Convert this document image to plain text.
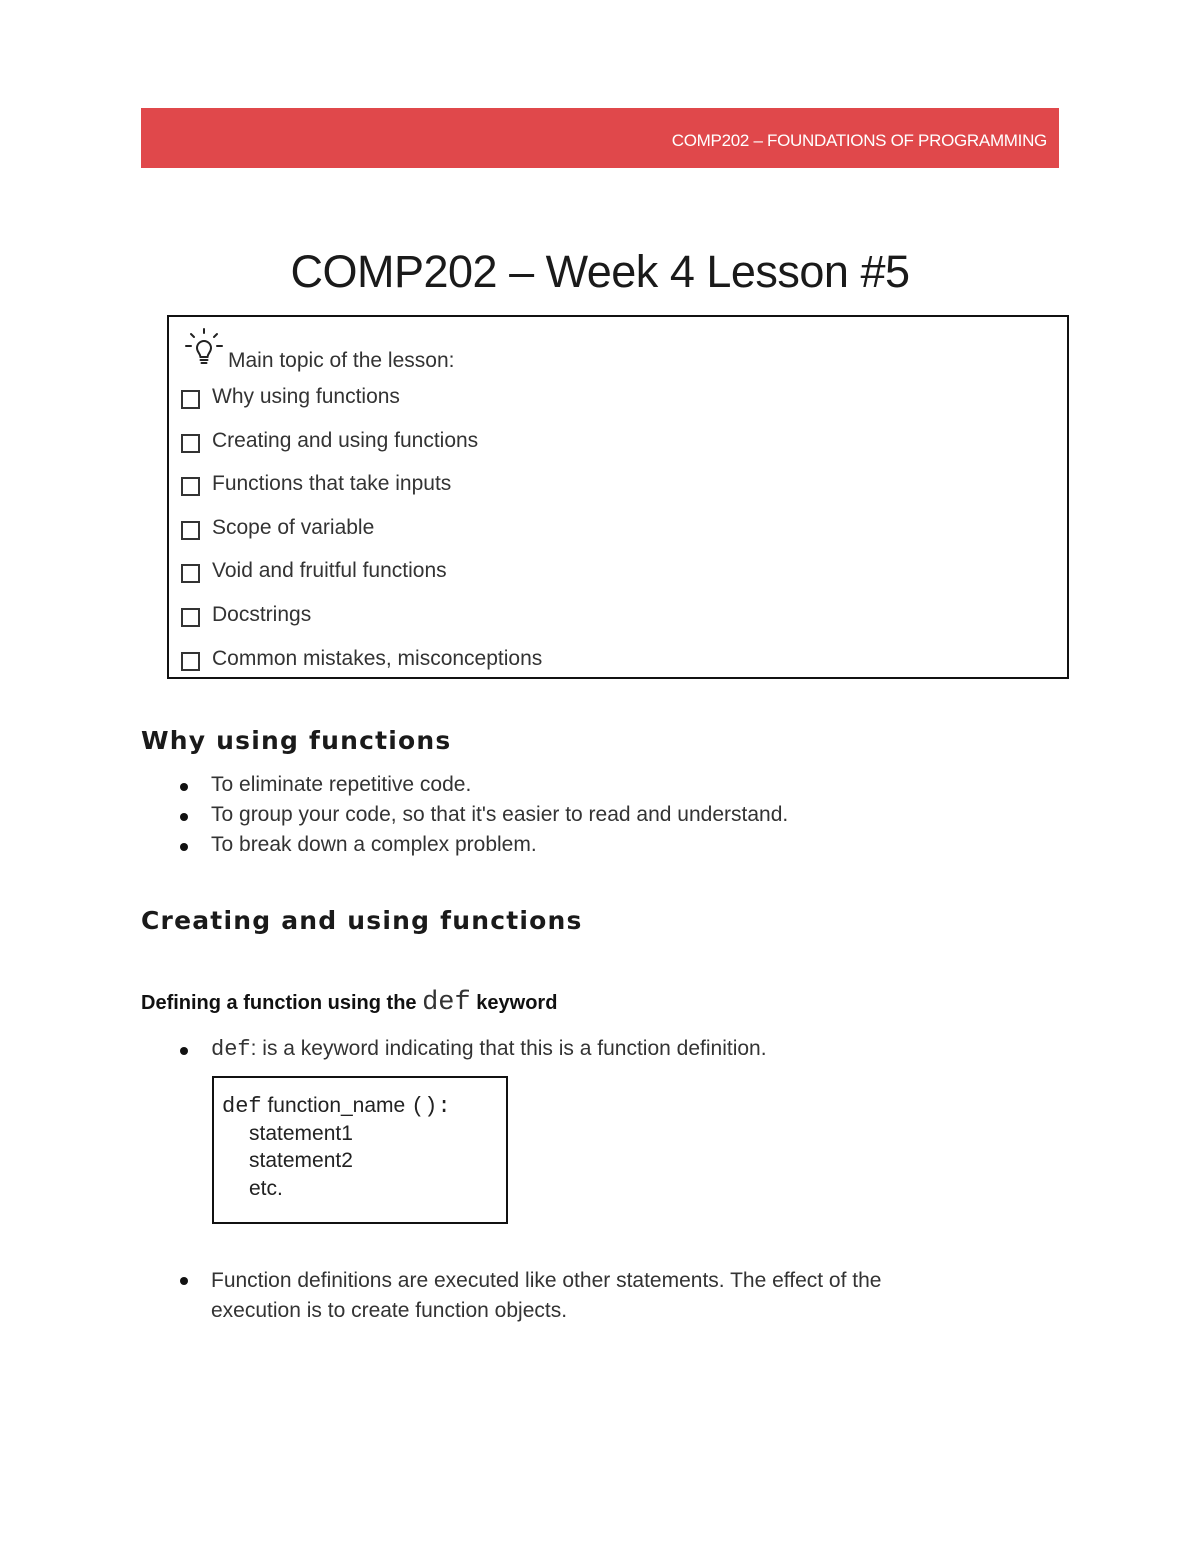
COMP202 – FOUNDATIONS OF PROGRAMMING
COMP202 – Week 4 Lesson #5
Main topic of the lesson:
Why using functions
Creating and using functions
Functions that take inputs
Scope of variable
Void and fruitful functions
Docstrings
Common mistakes, misconceptions
Why using functions
To eliminate repetitive code.
To group your code, so that it's easier to read and understand.
To break down a complex problem.
Creating and using functions
Defining a function using the def keyword
def: is a keyword indicating that this is a function definition.
def function_name ():
statement1
statement2
etc.
Function definitions are executed like other statements. The effect of the
execution is to create function objects.
